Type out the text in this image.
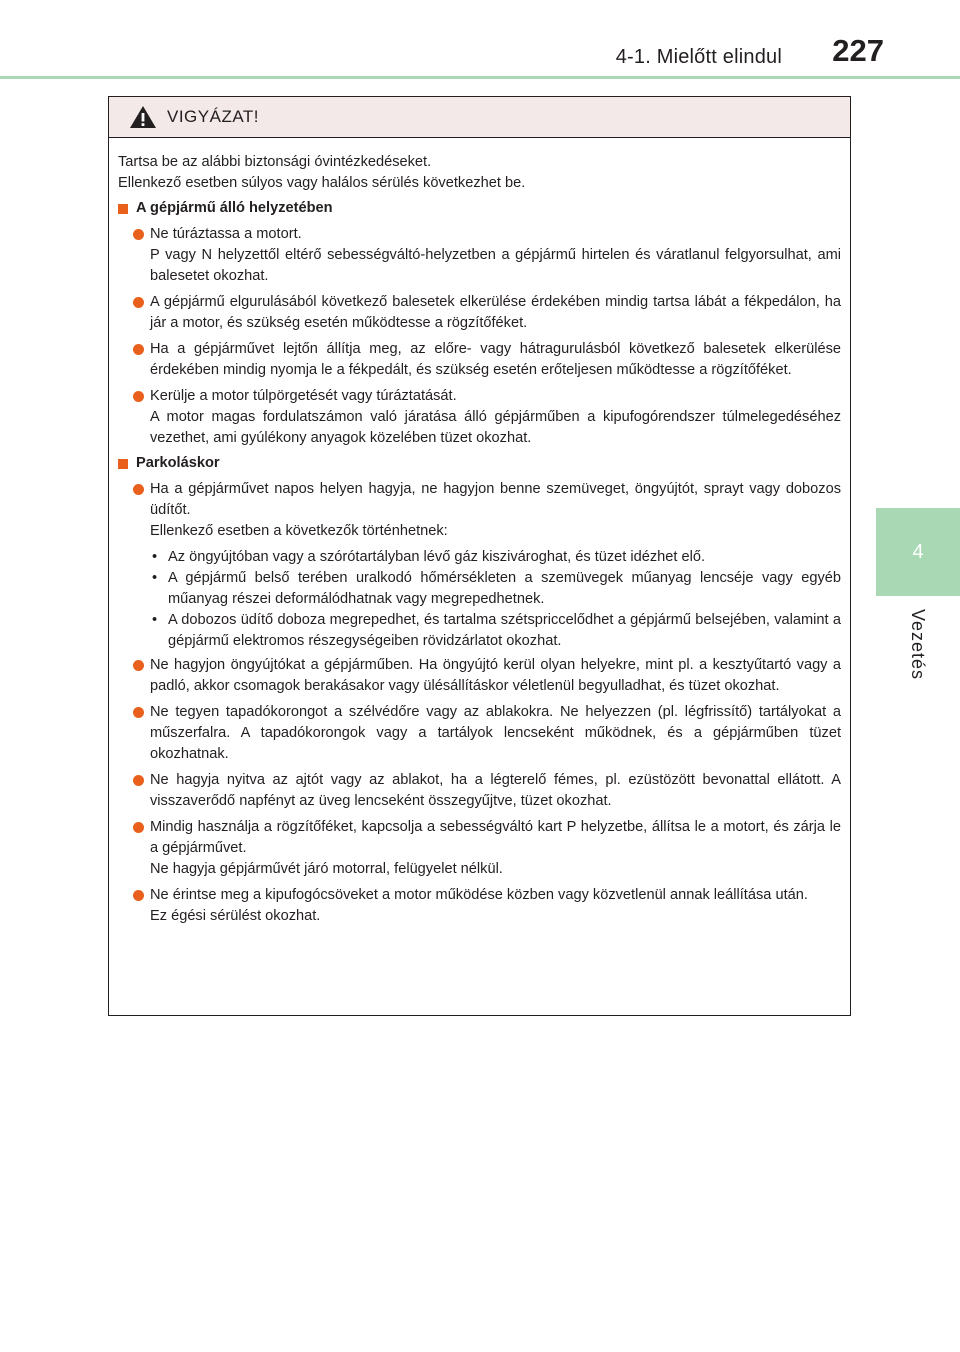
4-1. Mielőtt elindul 227
4
Vezetés
VIGYÁZAT!
Tartsa be az alábbi biztonsági óvintézkedéseket.
Ellenkező esetben súlyos vagy halálos sérülés következhet be.
A gépjármű álló helyzetében
Ne túráztassa a motort.
P vagy N helyzettől eltérő sebességváltó-helyzetben a gépjármű hirtelen és váratlanul felgyorsulhat, ami balesetet okozhat.
A gépjármű elgurulásából következő balesetek elkerülése érdekében mindig tartsa lábát a fékpedálon, ha jár a motor, és szükség esetén működtesse a rögzítőféket.
Ha a gépjárművet lejtőn állítja meg, az előre- vagy hátragurulásból következő balesetek elkerülése érdekében mindig nyomja le a fékpedált, és szükség esetén erőteljesen működtesse a rögzítőféket.
Kerülje a motor túlpörgetését vagy túráztatását.
A motor magas fordulatszámon való járatása álló gépjárműben a kipufogórendszer túlmelegedéséhez vezethet, ami gyúlékony anyagok közelében tüzet okozhat.
Parkoláskor
Ha a gépjárművet napos helyen hagyja, ne hagyjon benne szemüveget, öngyújtót, sprayt vagy dobozos üdítőt.
Ellenkező esetben a következők történhetnek:
• Az öngyújtóban vagy a szórótartályban lévő gáz kiszivároghat, és tüzet idézhet elő.
• A gépjármű belső terében uralkodó hőmérsékleten a szemüvegek műanyag lencséje vagy egyéb műanyag részei deformálódhatnak vagy megrepedhetnek.
• A dobozos üdítő doboza megrepedhet, és tartalma szétspriccelődhet a gépjármű belsejében, valamint a gépjármű elektromos részegységeiben rövidzárlatot okozhat.
Ne hagyjon öngyújtókat a gépjárműben. Ha öngyújtó kerül olyan helyekre, mint pl. a kesztyűtartó vagy a padló, akkor csomagok berakásakor vagy ülésállításkor véletlenül begyulladhat, és tüzet okozhat.
Ne tegyen tapadókorongot a szélvédőre vagy az ablakokra. Ne helyezzen (pl. légfrissítő) tartályokat a műszerfalra. A tapadókorongok vagy a tartályok lencseként működnek, és a gépjárműben tüzet okozhatnak.
Ne hagyja nyitva az ajtót vagy az ablakot, ha a légterelő fémes, pl. ezüstözött bevonattal ellátott. A visszaverődő napfényt az üveg lencseként összegyűjtve, tüzet okozhat.
Mindig használja a rögzítőféket, kapcsolja a sebességváltó kart P helyzetbe, állítsa le a motort, és zárja le a gépjárművet.
Ne hagyja gépjárművét járó motorral, felügyelet nélkül.
Ne érintse meg a kipufogócsöveket a motor működése közben vagy közvetlenül annak leállítása után.
Ez égési sérülést okozhat.
